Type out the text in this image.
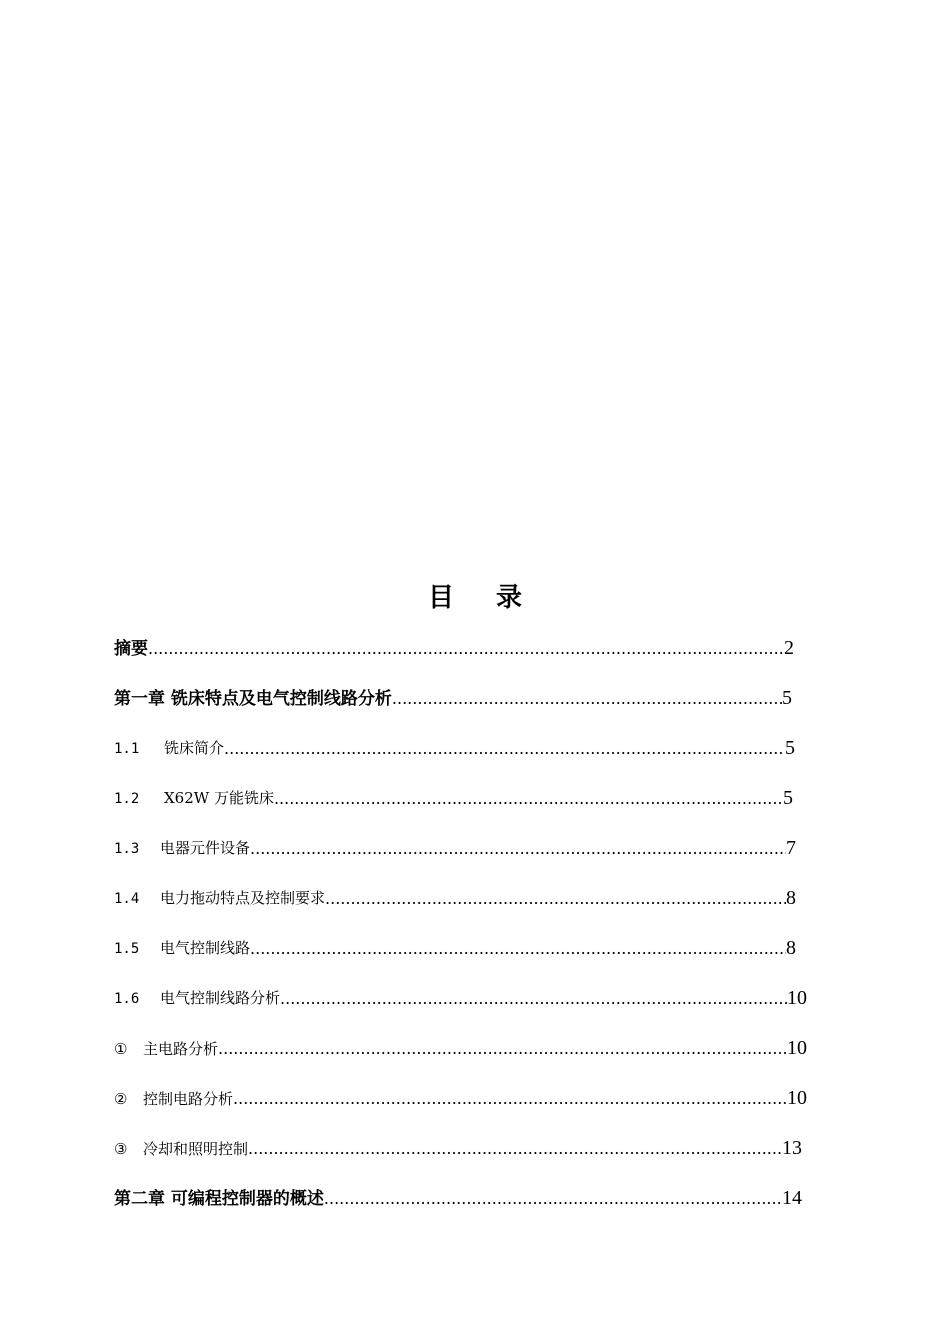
目 录
摘要 .....	2
第一章 铣床特点及电气控制线路分析 .....	5
1.1 铣床简介 .....	5
1.2 X62W 万能铣床 .....	5
1.3 电器元件设备 .....	7
1.4 电力拖动特点及控制要求 .....	8
1.5 电气控制线路 .....	8
1.6 电气控制线路分析 .....	10
① 主电路分析 .....	10
② 控制电路分析 .....	10
③ 冷却和照明控制 .....	13
第二章 可编程控制器的概述 .....	14
